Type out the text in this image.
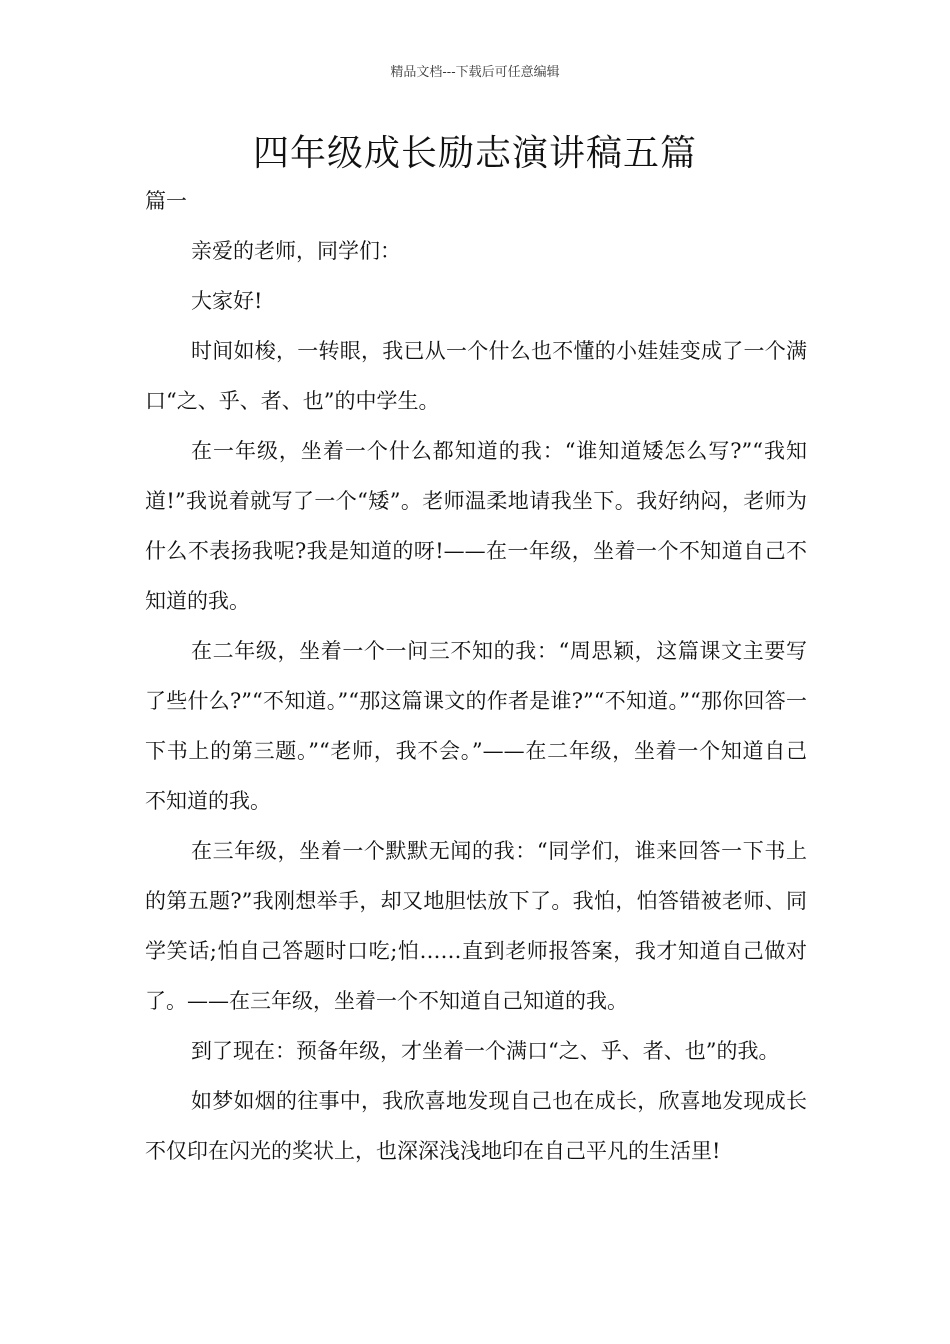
精品文档---下载后可任意编辑
四年级成长励志演讲稿五篇

篇一

亲爱的老师，同学们：

大家好!

时间如梭，一转眼，我已从一个什么也不懂的小娃娃变成了一个满口“之、乎、者、也”的中学生。

在一年级，坐着一个什么都知道的我：“谁知道矮怎么写?”“我知道!”我说着就写了一个“矮”。老师温柔地请我坐下。我好纳闷，老师为什么不表扬我呢?我是知道的呀!——在一年级，坐着一个不知道自己不知道的我。

在二年级，坐着一个一问三不知的我：“周思颖，这篇课文主要写了些什么?”“不知道。”“那这篇课文的作者是谁?”“不知道。”“那你回答一下书上的第三题。”“老师，我不会。”——在二年级，坐着一个知道自己不知道的我。

在三年级，坐着一个默默无闻的我：“同学们，谁来回答一下书上的第五题?”我刚想举手，却又地胆怯放下了。我怕，怕答错被老师、同学笑话;怕自己答题时口吃;怕……直到老师报答案，我才知道自己做对了。——在三年级，坐着一个不知道自己知道的我。

到了现在：预备年级，才坐着一个满口“之、乎、者、也”的我。

如梦如烟的往事中，我欣喜地发现自己也在成长，欣喜地发现成长不仅印在闪光的奖状上，也深深浅浅地印在自己平凡的生活里!
